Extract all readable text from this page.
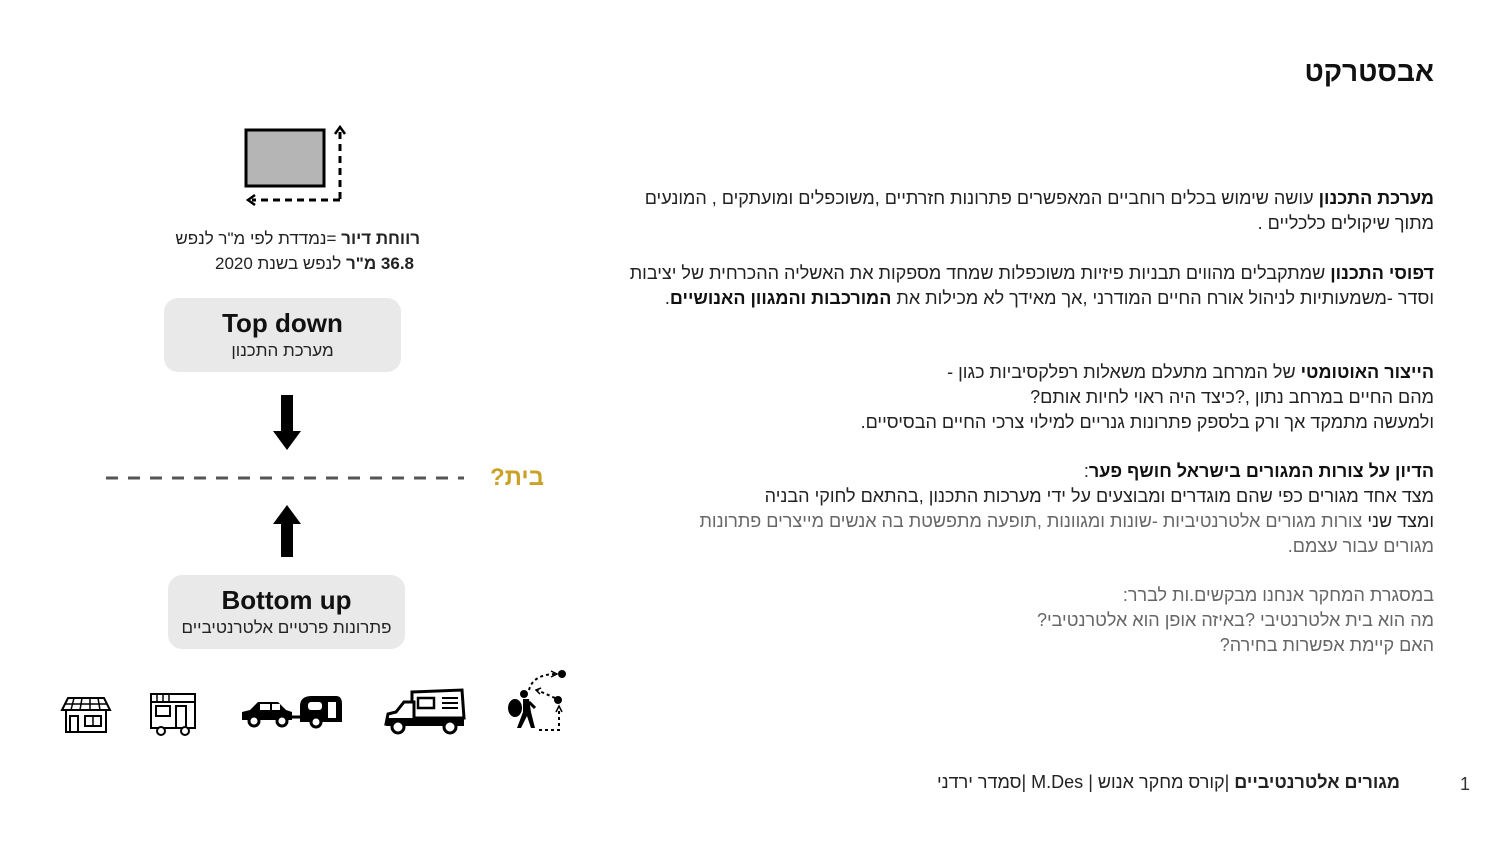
אבסטרקט
מערכת התכנון עושה שימוש בכלים רוחביים המאפשרים פתרונות חזרתיים ,משוכפלים ומועתקים , המונעים מתוך שיקולים כלכליים .
דפוסי התכנון שמתקבלים מהווים תבניות פיזיות משוכפלות שמחד מספקות את האשליה ההכרחית של יציבות וסדר -משמעותיות לניהול אורח החיים המודרני ,אך מאידך לא מכילות את המורכבות והמגוון האנושיים.
הייצור האוטומטי של המרחב מתעלם משאלות רפלקסיביות כגון -
מהם החיים במרחב נתון ,?כיצד היה ראוי לחיות אותם?
ולמעשה מתמקד אך ורק בלספק פתרונות גנריים למילוי צרכי החיים הבסיסיים.
הדיון על צורות המגורים בישראל חושף פער:
מצד אחד מגורים כפי שהם מוגדרים ומבוצעים על ידי מערכות התכנון ,בהתאם לחוקי הבניה
ומצד שני צורות מגורים אלטרנטיביות -שונות ומגוונות ,תופעה מתפשטת בה אנשים מייצרים פתרונות מגורים עבור עצמם.
במסגרת המחקר אנחנו מבקשים.ות לברר:
מה הוא בית אלטרנטיבי ?באיזה אופן הוא אלטרנטיבי?
האם קיימת אפשרות בחירה?
רווחת דיור =נמדדת לפי מ"ר לנפש
36.8 מ"ר לנפש בשנת 2020
Top down
מערכת התכנון
בית?
Bottom up
פתרונות פרטיים אלטרנטיביים
מגורים אלטרנטיביים |קורס מחקר אנוש | M.Des |סמדר ירדני	1
